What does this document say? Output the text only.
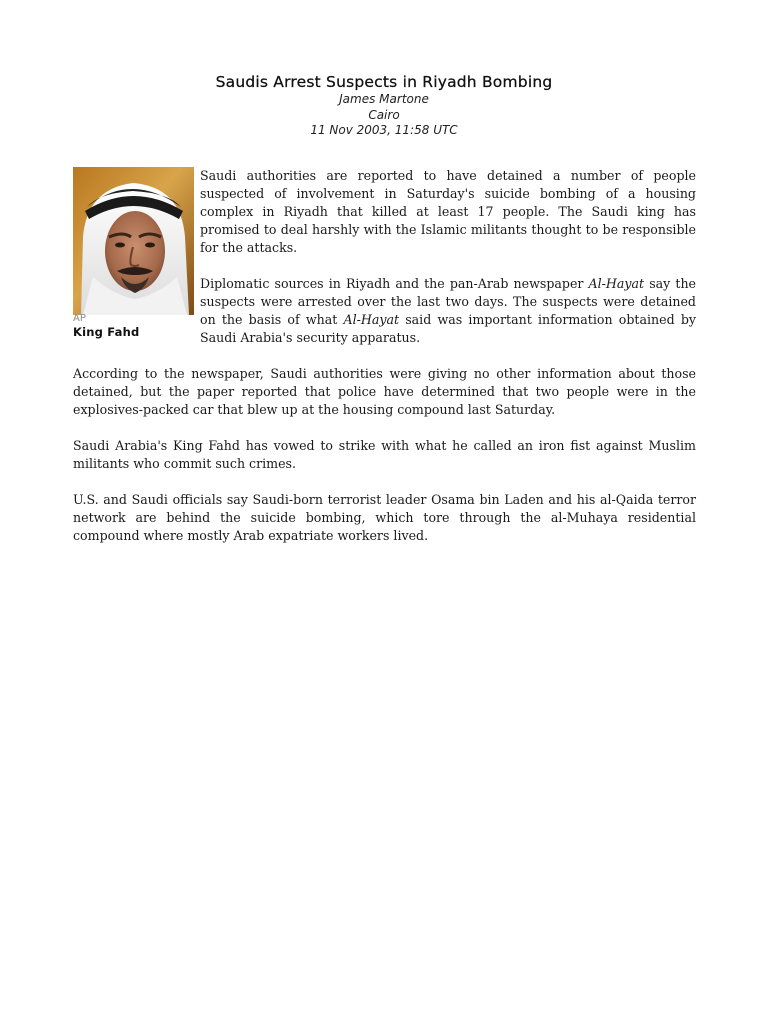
Saudis Arrest Suspects in Riyadh Bombing
James Martone
Cairo
11 Nov 2003, 11:58 UTC
AP
King Fahd

Saudi authorities are reported to have detained a number of people suspected of involvement in Saturday's suicide bombing of a housing complex in Riyadh that killed at least 17 people. The Saudi king has promised to deal harshly with the Islamic militants thought to be responsible for the attacks.

Diplomatic sources in Riyadh and the pan-Arab newspaper Al-Hayat say the suspects were arrested over the last two days. The suspects were detained on the basis of what Al-Hayat said was important information obtained by Saudi Arabia's security apparatus.

According to the newspaper, Saudi authorities were giving no other information about those detained, but the paper reported that police have determined that two people were in the explosives-packed car that blew up at the housing compound last Saturday.

Saudi Arabia's King Fahd has vowed to strike with what he called an iron fist against Muslim militants who commit such crimes.

U.S. and Saudi officials say Saudi-born terrorist leader Osama bin Laden and his al-Qaida terror network are behind the suicide bombing, which tore through the al-Muhaya residential compound where mostly Arab expatriate workers lived.
